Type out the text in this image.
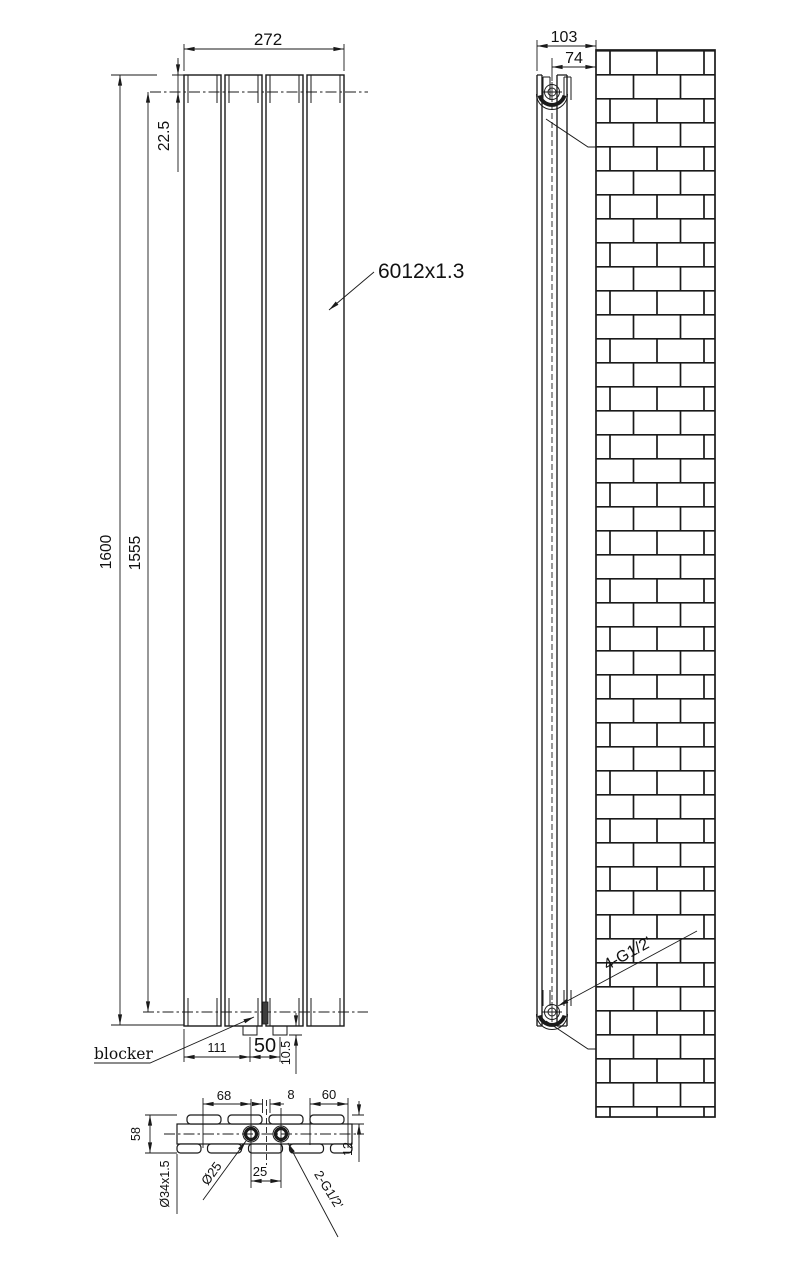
272
22.5
1600 1555
111 50 10.5
blocker
6012x1.3
103
74
4-G1/2'
68	8 60
25
58
Ø34x1.5
12
Ø25	2-G1/2'
